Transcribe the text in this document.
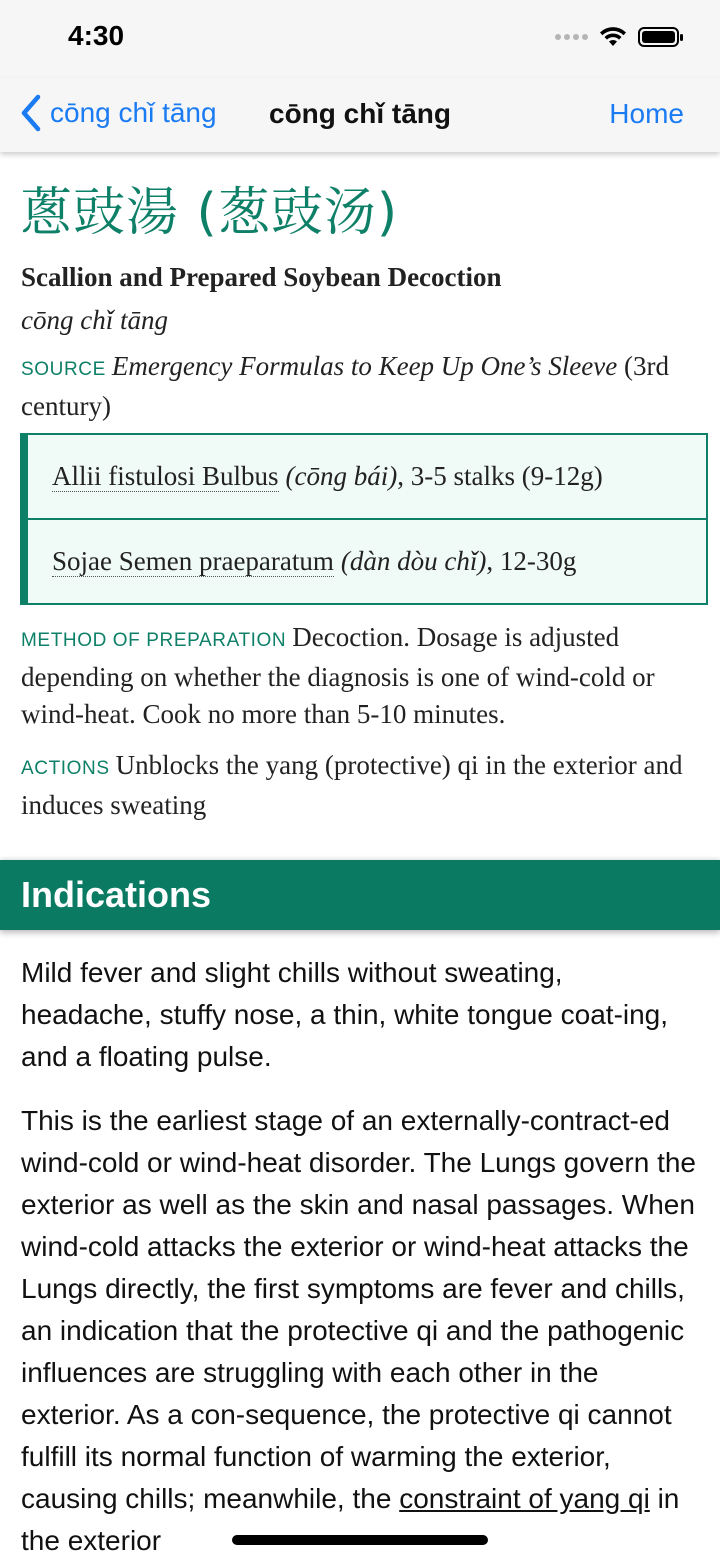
4:30
cōng chǐ tāng	cōng chǐ tāng	Home
蔥豉湯 (葱豉汤)
Scallion and Prepared Soybean Decoction
cōng chǐ tāng
SOURCE Emergency Formulas to Keep Up One’s Sleeve (3rd century)
Allii fistulosi Bulbus (cōng bái) , 3-5 stalks (9-12g)
Sojae Semen praeparatum (dàn dòu chǐ) , 12-30g
METHOD OF PREPARATION Decoction. Dosage is adjusted depending on whether the diagnosis is one of wind-cold or wind-heat. Cook no more than 5-10 minutes.
ACTIONS Unblocks the yang (protective) qi in the exterior and induces sweating
Indications
Mild fever and slight chills without sweating, headache, stuffy nose, a thin, white tongue coat-ing, and a floating pulse.
This is the earliest stage of an externally-contract-ed wind-cold or wind-heat disorder. The Lungs govern the exterior as well as the skin and nasal passages. When wind-cold attacks the exterior or wind-heat attacks the Lungs directly, the first symptoms are fever and chills, an indication that the protective qi and the pathogenic influences are struggling with each other in the exterior. As a con-sequence, the protective qi cannot fulfill its normal function of warming the exterior, causing chills; meanwhile, the constraint of yang qi in the exterior
